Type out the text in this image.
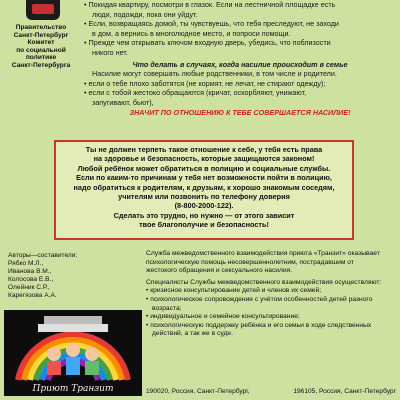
Правительство
Санкт-Петербург
Комитет
по социальной
политике
Санкт-Петербурга

• Покидая квартиру, посмотри в глазок. Если на лестничной площадке есть

люди, подожди, пока они уйдут.

• Если, возвращаясь домой, ты чувствуешь, что тебя преследуют, не заходи

в дом, а вернись в многолюдное место, и попроси помощи.

• Прежде чем открывать ключом входную дверь, убедись, что поблизости

никого нет.

Что делать в случаях, когда насилие происходит в семье

Насилие могут совершать любые родственники, в том числе и родители.

• если о тебе плохо заботятся (не кормят, не лечат, не стирают одежду);

• если с тобой жестоко обращаются (кричат, оскорбляют, унижают,

запугивают, бьют),

ЗНАЧИТ ПО ОТНОШЕНИЮ К ТЕБЕ СОВЕРШАЕТСЯ НАСИЛИЕ!

Ты не должен терпеть такое отношение к себе, у тебя есть права

на здоровье и безопасность, которые защищаются законом!

Любой ребёнок может обратиться в полицию и социальные службы.

Если по каким-то причинам у тебя нет возможности пойти в полицию,

надо обратиться к родителям, к друзьям, к хорошо знакомым соседям,

учителям или позвонить по телефону доверия

(8-800-2000-122).

Сделать это трудно, но нужно — от этого зависит

твое благополучие и безопасность!

Авторы—составители:
Рябко М.Л.,
Иванова В.М.,
Колосова Е.В.,
Олейник С.Р.,
Карегязова А.А.
Приют Транзит

Служба межведомственного взаимодействия приюта «Транзит» оказывает

психологическую помощь несовершеннолетним, пострадавшим от

жестокого обращения и сексуального насилия.

Специалисты Службы межведомственного взаимодействия осуществляют:

• кризисное консультирование детей и членов их семей;

• психологическое сопровождение с учётом особенностей детей разного

возраста;

• индивидуальное и семейное консультирование;

• психологическую поддержку ребёнка и его семьи в ходе следственных

действий, а так же в суде.

190020, Россия, Санкт-Петербург,	196105, Россия, Санкт-Петербург
